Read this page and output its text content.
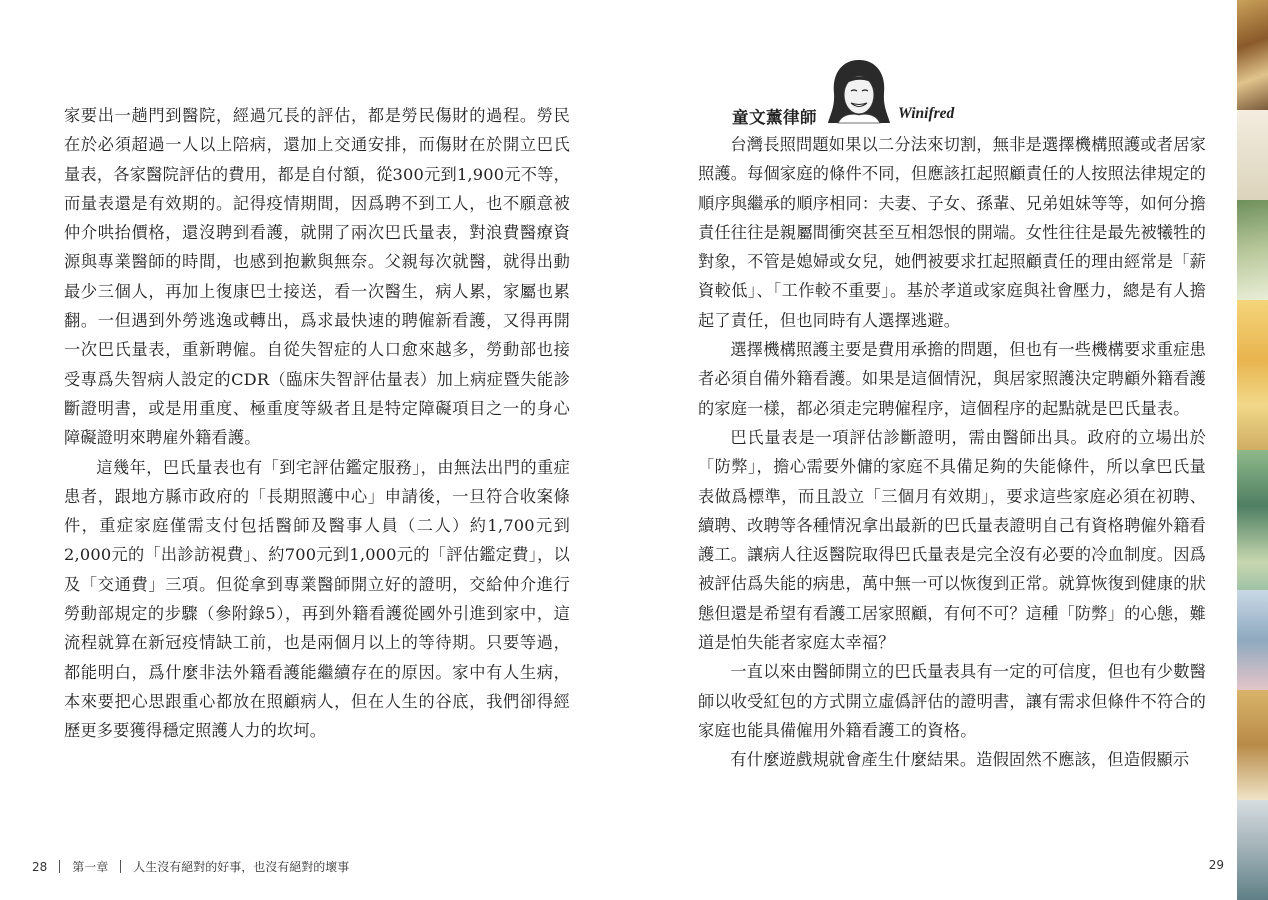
家要出一趟門到醫院，經過冗長的評估，都是勞民傷財的過程。勞民在於必須超過一人以上陪病，還加上交通安排，而傷財在於開立巴氏量表，各家醫院評估的費用，都是自付額，從300元到1,900元不等，而量表還是有效期的。記得疫情期間，因爲聘不到工人，也不願意被仲介哄抬價格，還沒聘到看護，就開了兩次巴氏量表，對浪費醫療資源與專業醫師的時間，也感到抱歉與無奈。父親每次就醫，就得出動最少三個人，再加上復康巴士接送，看一次醫生，病人累，家屬也累翻。一但遇到外勞逃逸或轉出，爲求最快速的聘僱新看護，又得再開一次巴氏量表，重新聘僱。自從失智症的人口愈來越多，勞動部也接受專爲失智病人設定的CDR（臨床失智評估量表）加上病症暨失能診斷證明書，或是用重度、極重度等級者且是特定障礙項目之一的身心障礙證明來聘雇外籍看護。

這幾年，巴氏量表也有「到宅評估鑑定服務」，由無法出門的重症患者，跟地方縣市政府的「長期照護中心」申請後，一旦符合收案條件，重症家庭僅需支付包括醫師及醫事人員（二人）約1,700元到2,000元的「出診訪視費」、約700元到1,000元的「評估鑑定費」，以及「交通費」三項。但從拿到專業醫師開立好的證明，交給仲介進行勞動部規定的步驟（參附錄5），再到外籍看護從國外引進到家中，這流程就算在新冠疫情缺工前，也是兩個月以上的等待期。只要等過，都能明白，爲什麼非法外籍看護能繼續存在的原因。家中有人生病，本來要把心思跟重心都放在照顧病人，但在人生的谷底，我們卻得經歷更多要獲得穩定照護人力的坎坷。

28 第一章 人生沒有絕對的好事，也沒有絕對的壞事
童文薰律師	Winifred

台灣長照問題如果以二分法來切割，無非是選擇機構照護或者居家照護。每個家庭的條件不同，但應該扛起照顧責任的人按照法律規定的順序與繼承的順序相同：夫妻、子女、孫輩、兄弟姐妹等等，如何分擔責任往往是親屬間衝突甚至互相怨恨的開端。女性往往是最先被犧牲的對象，不管是媳婦或女兒，她們被要求扛起照顧責任的理由經常是「薪資較低」、「工作較不重要」。基於孝道或家庭與社會壓力，總是有人擔起了責任，但也同時有人選擇逃避。

選擇機構照護主要是費用承擔的問題，但也有一些機構要求重症患者必須自備外籍看護。如果是這個情況，與居家照護決定聘顧外籍看護的家庭一樣，都必須走完聘僱程序，這個程序的起點就是巴氏量表。

巴氏量表是一項評估診斷證明，需由醫師出具。政府的立場出於「防弊」，擔心需要外傭的家庭不具備足夠的失能條件，所以拿巴氏量表做爲標準，而且設立「三個月有效期」，要求這些家庭必須在初聘、續聘、改聘等各種情況拿出最新的巴氏量表證明自己有資格聘僱外籍看護工。讓病人往返醫院取得巴氏量表是完全沒有必要的冷血制度。因爲被評估爲失能的病患，萬中無一可以恢復到正常。就算恢復到健康的狀態但還是希望有看護工居家照顧，有何不可？這種「防弊」的心態，難道是怕失能者家庭太幸福？

一直以來由醫師開立的巴氏量表具有一定的可信度，但也有少數醫師以收受紅包的方式開立虛僞評估的證明書，讓有需求但條件不符合的家庭也能具備僱用外籍看護工的資格。

有什麼遊戲規就會產生什麼結果。造假固然不應該，但造假顯示

29
